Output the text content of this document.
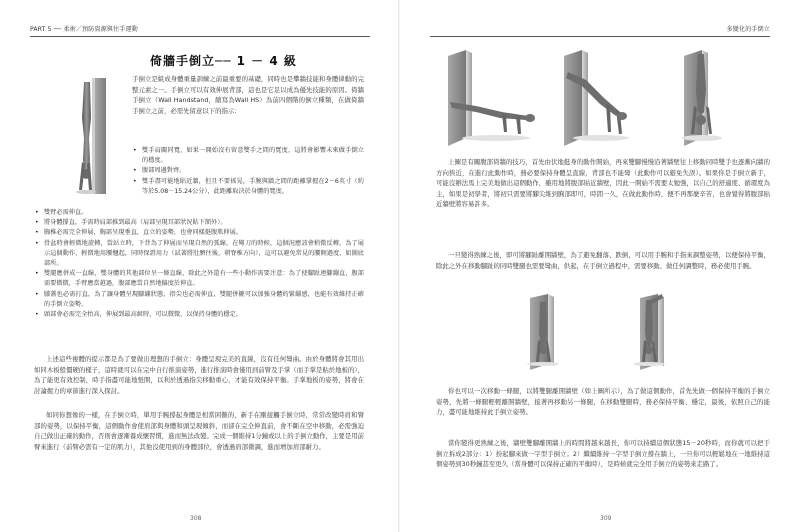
PART 5 ── 柔術／預防資源與往手運動
倚牆手倒立── 1 － 4 級

手倒立是組成身體重量訓練之前最重要的基礎，同時也是攀牆技能和身體律動的完整元素之一。手倒立可以有效伸展背部，這也是它足以成為優先技能的原因。倚牆手倒立（Wall Handstand，縮寫為Wall HS）為前四個階的倒立種類，在做倚牆手倒立之前，必需先留意以下的指示：

• 雙手肩關同寬，如果一開始沒有留意雙手之間的寬度，這將會影響未來做手倒立的穩度。
• 腹部周邊對齊。
• 雙手盡可能地貼近牆，但且不要搖晃，手腕與牆之間的距離掌握在2－6英寸（約等於5.08－15.24公分），此距離取決於身體的寬度。
• 雙臂必需伸直。
• 將身體撐直，手需時肩部推到最高（肩部呈現耳部狀況貼下額外）。
• 胸椎必需完全伸展，胸部呈現垂直，直立的姿勢，也會同樣挺腹肌伸展。
• 骨盆時會輕微地旋轉，當站立時，下背為了伸展而呈現自然的弧線，在彎刀的時候，這個況應該會稍微反轉，為了展示這個動作，輕微地用腰翹起，同時保證用力（試著將肚臍往後，朝脊椎方向），這可以避免常見的腰側過度，如圖底部所。
• 雙腿應併成一直線，雙身體的其他部位呈一條直線，除此之外還有一些小動作需要注意：為了使腳趾連腳繃直，腹部需要微微，手臂應當越過，腹部應當自然地偏度於伸直。
• 膝蓋也必需打直，為了讓身體呈現腳繃狀態，指尖也必需伸直，雙腿併攏可以加強身體的緊繃感，也能有效維持正確的手倒立姿勢。
• 頭部會必需完全抬高，伸展到最高級時，可以微微，以保持身體的穩定。

上述這些複體的提示都是為了要做出理想的手倒立：身體呈現完美的直線，沒有任何彎曲。由於身體將會其用出如同木板般僵硬的樣子，這時就可以在完中自行推演姿勢，進行推演時會僅用到前臂及手掌（而手掌是貼於地板的），為了能更有效控制，時手指盡可能地張開，以利於透過指尖移動重心，才能有效保持平衡。手掌地板的姿勢，將會在討論握力的章節進行深入探討。

如同你想像的一樣，在手倒立時，單用手腕撐起身體是相當困難的，新手在剛接觸手倒立時，常常改變時肩和臂部的姿勢，以保持平衡，這個動作會使肩部與身體和頭呈現傾斜，而卻在完全伸直前，會不斷在空中移動，必需強迫自己做出正確的動作，否則會逐漸養成懷習慣，進而無法改變。完成一個維持1分鐘或以上的手倒立動作，主要是用前臂來進行（前臂必需有一定的肌力），其他沒使用到的身體部位，會透過肩部微調，進而增加肩部耐力。

308
多變化的手倒立

上圖是有關腹部倚牆的技巧，首先由伏地挺身的動作開始，再來雙腳慢慢沿著牆壁往上移動同時雙手也逐漸向牆的方向挨近，在進行此動作時，務必要保持身體呈直線，背部也不能彎（此動作可以避免失誤）。如果你是手倒立新手，可能沒辦法馬上完美地做出這個動作，雖用地將腹部貼近牆壁，因此一開始不需要太勉強，以自己的舒適度、循環度為主，如果是初學者，將初只需要將腳尖維到胸部即可，時間一久，在做此動作時，便不再那麼辛苦，也會覺得將腹部貼近牆壁將容易許多。

一旦變得熟練之後，即可將腳趾離開牆壁，為了避免翻落、跌倒，可以用手腕和手指來調整姿勢，以便保持平衡，除此之外在移動腳趾的同時雙腿也需要彎曲，供起，在手倒立過程中，需要移動、做任何調整時，務必使用手腕。

你也可以一次移動一條腿，以將雙腿離開牆壁（如上圖所示），為了做這個動作，首先先做一個保持平衡的手倒立姿勢，先將一條腿輕輕離開牆壁，接著再移動另一條腿，在移動雙腿時，務必保持平衡、穩定，最後，依照自己的能力，盡可能地維持此手倒立姿勢。

當你變得更熟練之後，牆壁雙腳離開牆上的時間將越來越長，你可以持續這個狀態15－20秒時，而你就可以把手倒立拆成2部分：1）扮起腳來做一字型手倒立；2）繼續維持一字型手倒立撐在牆上，一旦你可以輕鬆地在一地維持這個姿勢到30秒鐘甚至更久（當身體可以保持正確的平衡時），是時候就完全用手倒立的姿勢來走路了。

309
